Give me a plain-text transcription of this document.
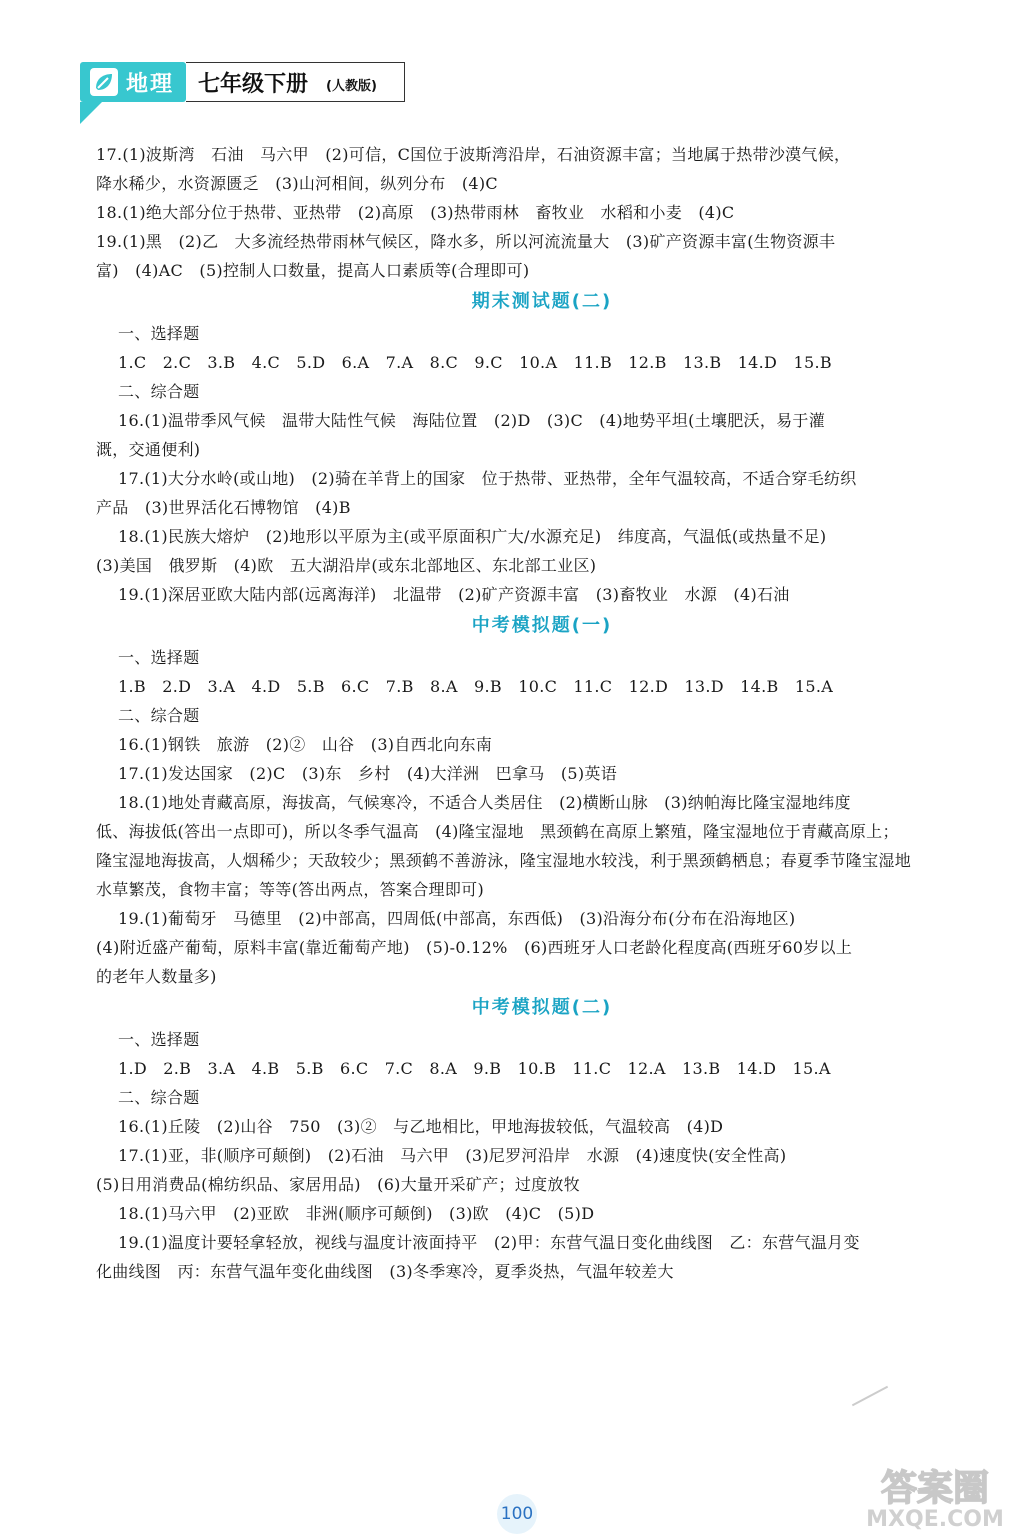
地理 七年级下册 (人教版)
17.(1)波斯湾　石油　马六甲　(2)可信，C国位于波斯湾沿岸，石油资源丰富；当地属于热带沙漠气候，
降水稀少，水资源匮乏　(3)山河相间，纵列分布　(4)C
18.(1)绝大部分位于热带、亚热带　(2)高原　(3)热带雨林　畜牧业　水稻和小麦　(4)C
19.(1)黑　(2)乙　大多流经热带雨林气候区，降水多，所以河流流量大　(3)矿产资源丰富(生物资源丰
富)　(4)AC　(5)控制人口数量，提高人口素质等(合理即可)
期末测试题(二)
一、选择题
1.C　2.C　3.B　4.C　5.D　6.A　7.A　8.C　9.C　10.A　11.B　12.B　13.B　14.D　15.B
二、综合题
16.(1)温带季风气候　温带大陆性气候　海陆位置　(2)D　(3)C　(4)地势平坦(土壤肥沃，易于灌
溉，交通便利)
17.(1)大分水岭(或山地)　(2)骑在羊背上的国家　位于热带、亚热带，全年气温较高，不适合穿毛纺织
产品　(3)世界活化石博物馆　(4)B
18.(1)民族大熔炉　(2)地形以平原为主(或平原面积广大/水源充足)　纬度高，气温低(或热量不足)
(3)美国　俄罗斯　(4)欧　五大湖沿岸(或东北部地区、东北部工业区)
19.(1)深居亚欧大陆内部(远离海洋)　北温带　(2)矿产资源丰富　(3)畜牧业　水源　(4)石油
中考模拟题(一)
一、选择题
1.B　2.D　3.A　4.D　5.B　6.C　7.B　8.A　9.B　10.C　11.C　12.D　13.D　14.B　15.A
二、综合题
16.(1)钢铁　旅游　(2)②　山谷　(3)自西北向东南
17.(1)发达国家　(2)C　(3)东　乡村　(4)大洋洲　巴拿马　(5)英语
18.(1)地处青藏高原，海拔高，气候寒冷，不适合人类居住　(2)横断山脉　(3)纳帕海比隆宝湿地纬度
低、海拔低(答出一点即可)，所以冬季气温高　(4)隆宝湿地　黑颈鹤在高原上繁殖，隆宝湿地位于青藏高原上；
隆宝湿地海拔高，人烟稀少；天敌较少；黑颈鹤不善游泳，隆宝湿地水较浅，利于黑颈鹤栖息；春夏季节隆宝湿地
水草繁茂，食物丰富；等等(答出两点，答案合理即可)
19.(1)葡萄牙　马德里　(2)中部高，四周低(中部高，东西低)　(3)沿海分布(分布在沿海地区)
(4)附近盛产葡萄，原料丰富(靠近葡萄产地)　(5)-0.12%　(6)西班牙人口老龄化程度高(西班牙60岁以上
的老年人数量多)
中考模拟题(二)
一、选择题
1.D　2.B　3.A　4.B　5.B　6.C　7.C　8.A　9.B　10.B　11.C　12.A　13.B　14.D　15.A
二、综合题
16.(1)丘陵　(2)山谷　750　(3)②　与乙地相比，甲地海拔较低，气温较高　(4)D
17.(1)亚，非(顺序可颠倒)　(2)石油　马六甲　(3)尼罗河沿岸　水源　(4)速度快(安全性高)
(5)日用消费品(棉纺织品、家居用品)　(6)大量开采矿产；过度放牧
18.(1)马六甲　(2)亚欧　非洲(顺序可颠倒)　(3)欧　(4)C　(5)D
19.(1)温度计要轻拿轻放，视线与温度计液面持平　(2)甲：东营气温日变化曲线图　乙：东营气温月变
化曲线图　丙：东营气温年变化曲线图　(3)冬季寒冷，夏季炎热，气温年较差大
100
答案圈
MXQE.COM
